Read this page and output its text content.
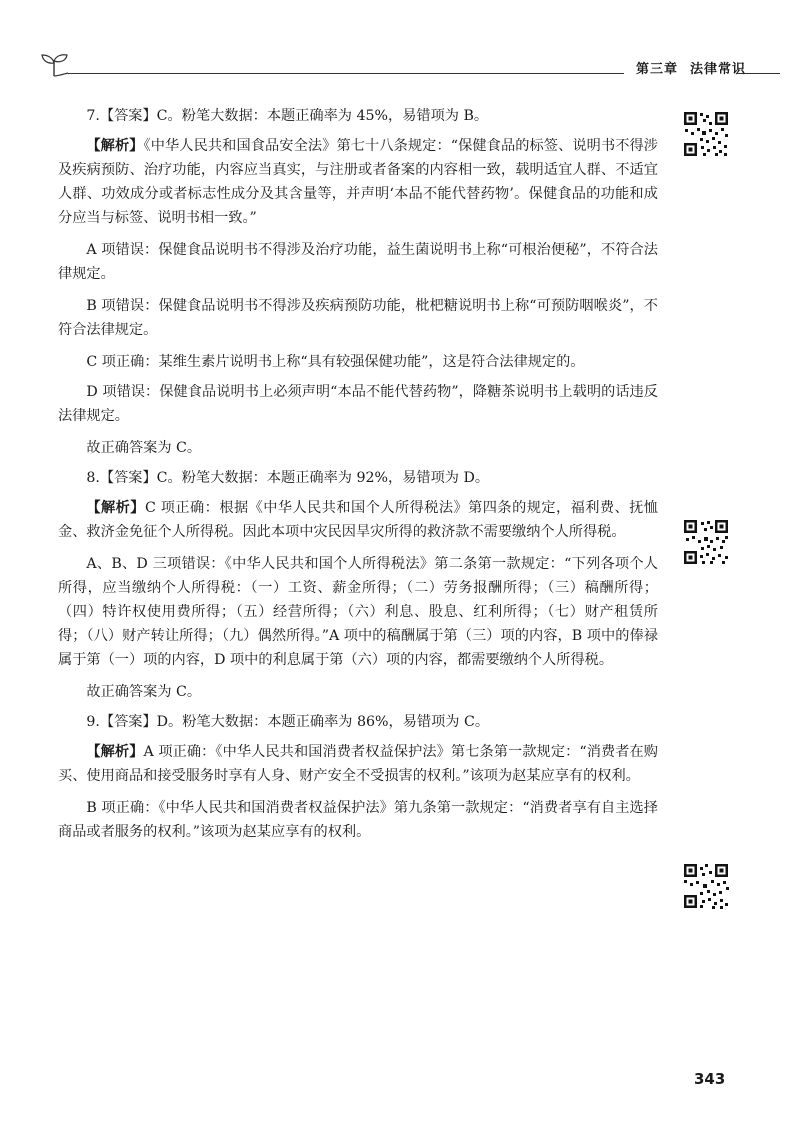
第三章 法律常识

7.【答案】C。粉笔大数据：本题正确率为 45%，易错项为 B。

【解析】《中华人民共和国食品安全法》第七十八条规定：“保健食品的标签、说明书不得涉及疾病预防、治疗功能，内容应当真实，与注册或者备案的内容相一致，载明适宜人群、不适宜人群、功效成分或者标志性成分及其含量等，并声明‘本品不能代替药物’。保健食品的功能和成分应当与标签、说明书相一致。”

A 项错误：保健食品说明书不得涉及治疗功能，益生菌说明书上称“可根治便秘”，不符合法律规定。

B 项错误：保健食品说明书不得涉及疾病预防功能，枇杷糖说明书上称“可预防咽喉炎”，不符合法律规定。

C 项正确：某维生素片说明书上称“具有较强保健功能”，这是符合法律规定的。

D 项错误：保健食品说明书上必须声明“本品不能代替药物”，降糖茶说明书上载明的话违反法律规定。

故正确答案为 C。

8.【答案】C。粉笔大数据：本题正确率为 92%，易错项为 D。

【解析】C 项正确：根据《中华人民共和国个人所得税法》第四条的规定，福利费、抚恤金、救济金免征个人所得税。因此本项中灾民因旱灾所得的救济款不需要缴纳个人所得税。

A、B、D 三项错误：《中华人民共和国个人所得税法》第二条第一款规定：“下列各项个人所得，应当缴纳个人所得税：（一）工资、薪金所得；（二）劳务报酬所得；（三）稿酬所得；（四）特许权使用费所得；（五）经营所得；（六）利息、股息、红利所得；（七）财产租赁所得；（八）财产转让所得；（九）偶然所得。”A 项中的稿酬属于第（三）项的内容，B 项中的俸禄属于第（一）项的内容，D 项中的利息属于第（六）项的内容，都需要缴纳个人所得税。

故正确答案为 C。

9.【答案】D。粉笔大数据：本题正确率为 86%，易错项为 C。

【解析】A 项正确：《中华人民共和国消费者权益保护法》第七条第一款规定：“消费者在购买、使用商品和接受服务时享有人身、财产安全不受损害的权利。”该项为赵某应享有的权利。

B 项正确：《中华人民共和国消费者权益保护法》第九条第一款规定：“消费者享有自主选择商品或者服务的权利。”该项为赵某应享有的权利。

343
